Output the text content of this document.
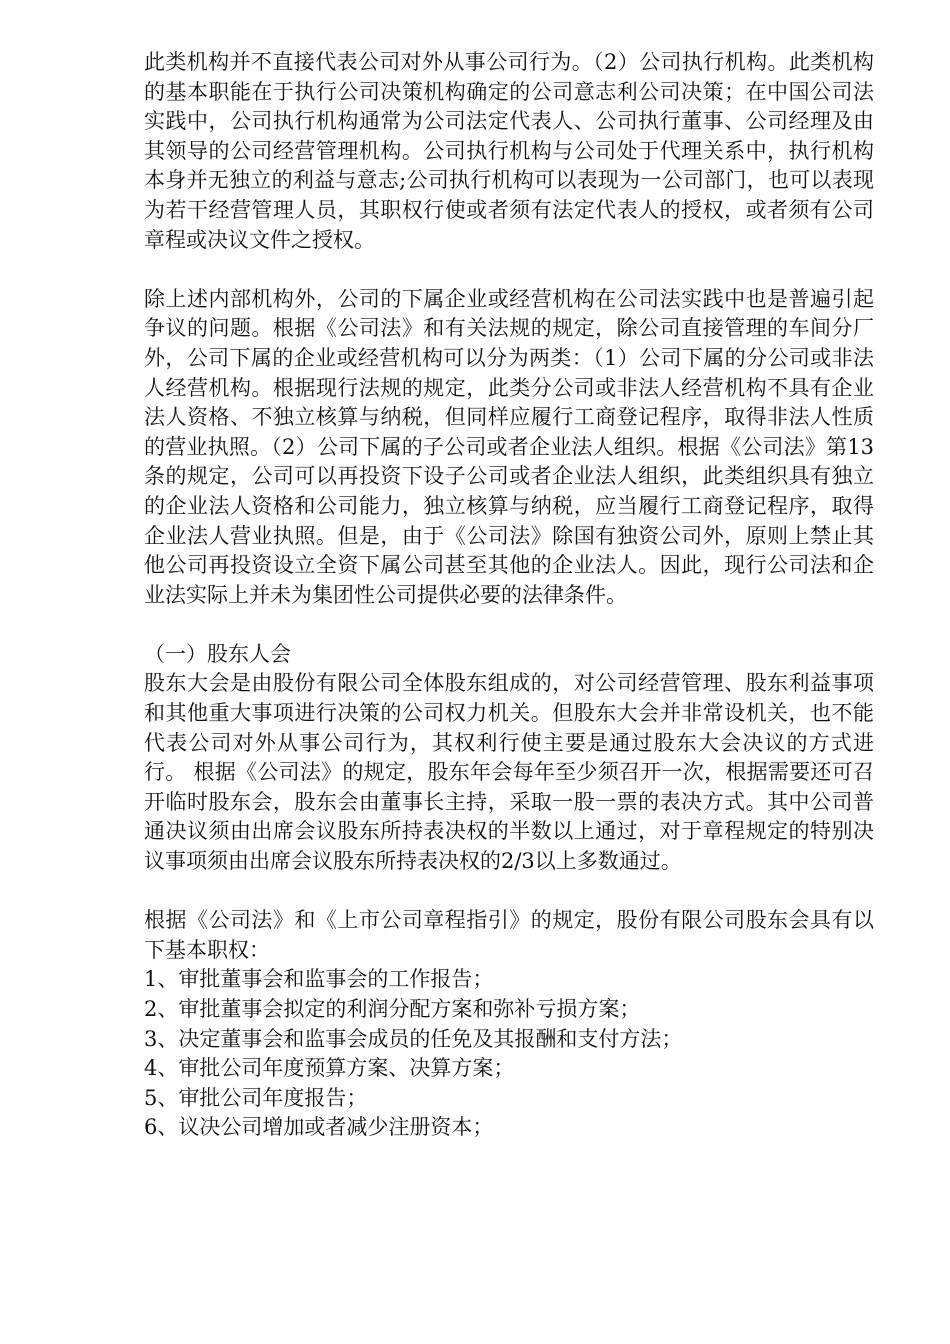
此类机构并不直接代表公司对外从事公司行为。（2）公司执行机构。此类机构的基本职能在于执行公司决策机构确定的公司意志利公司决策；在中国公司法实践中，公司执行机构通常为公司法定代表人、公司执行董事、公司经理及由其领导的公司经营管理机构。公司执行机构与公司处于代理关系中，执行机构本身并无独立的利益与意志;公司执行机构可以表现为一公司部门，也可以表现为若干经营管理人员，其职权行使或者须有法定代表人的授权，或者须有公司章程或决议文件之授权。

除上述内部机构外，公司的下属企业或经营机构在公司法实践中也是普遍引起争议的问题。根据《公司法》和有关法规的规定，除公司直接管理的车间分厂外，公司下属的企业或经营机构可以分为两类：（1）公司下属的分公司或非法人经营机构。根据现行法规的规定，此类分公司或非法人经营机构不具有企业法人资格、不独立核算与纳税，但同样应履行工商登记程序，取得非法人性质的营业执照。（2）公司下属的子公司或者企业法人组织。根据《公司法》第13条的规定，公司可以再投资下设子公司或者企业法人组织，此类组织具有独立的企业法人资格和公司能力，独立核算与纳税，应当履行工商登记程序，取得企业法人营业执照。但是，由于《公司法》除国有独资公司外，原则上禁止其他公司再投资设立全资下属公司甚至其他的企业法人。因此，现行公司法和企业法实际上并未为集团性公司提供必要的法律条件。

（一）股东人会

股东大会是由股份有限公司全体股东组成的，对公司经营管理、股东利益事项和其他重大事项进行决策的公司权力机关。但股东大会并非常设机关，也不能代表公司对外从事公司行为，其权利行使主要是通过股东大会决议的方式进行。 根据《公司法》的规定，股东年会每年至少须召开一次，根据需要还可召开临时股东会，股东会由董事长主持，采取一股一票的表决方式。其中公司普通决议须由出席会议股东所持表决权的半数以上通过，对于章程规定的特别决议事项须由出席会议股东所持表决权的2/3以上多数通过。

根据《公司法》和《上市公司章程指引》的规定，股份有限公司股东会具有以下基本职权：

1、审批董事会和监事会的工作报告；
2、审批董事会拟定的利润分配方案和弥补亏损方案；
3、决定董事会和监事会成员的任免及其报酬和支付方法；
4、审批公司年度预算方案、决算方案；
5、审批公司年度报告；
6、议决公司增加或者减少注册资本；
